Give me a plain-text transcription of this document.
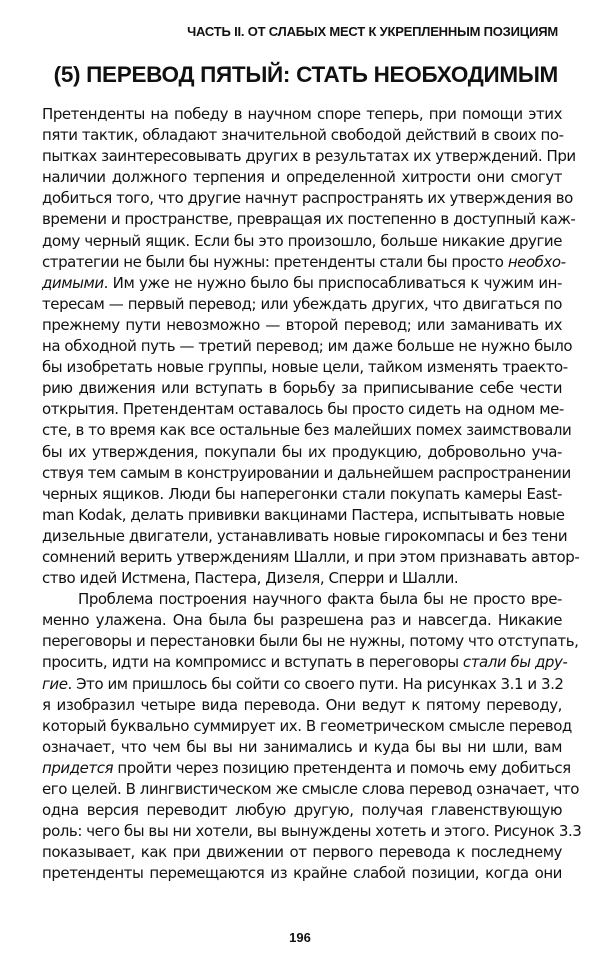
ЧАСТЬ II. ОТ СЛАБЫХ МЕСТ К УКРЕПЛЕННЫМ ПОЗИЦИЯМ
(5) ПЕРЕВОД ПЯТЫЙ: СТАТЬ НЕОБХОДИМЫМ
Претенденты на победу в научном споре теперь, при помощи этих
пяти тактик, обладают значительной свободой действий в своих по-
пытках заинтересовывать других в результатах их утверждений. При
наличии должного терпения и определенной хитрости они смогут
добиться того, что другие начнут распространять их утверждения во
времени и пространстве, превращая их постепенно в доступный каж-
дому черный ящик. Если бы это произошло, больше никакие другие
стратегии не были бы нужны: претенденты стали бы просто необхо-
димыми. Им уже не нужно было бы приспосабливаться к чужим ин-
тересам — первый перевод; или убеждать других, что двигаться по
прежнему пути невозможно — второй перевод; или заманивать их
на обходной путь — третий перевод; им даже больше не нужно было
бы изобретать новые группы, новые цели, тайком изменять траекто-
рию движения или вступать в борьбу за приписывание себе чести
открытия. Претендентам оставалось бы просто сидеть на одном ме-
сте, в то время как все остальные без малейших помех заимствовали
бы их утверждения, покупали бы их продукцию, добровольно уча-
ствуя тем самым в конструировании и дальнейшем распространении
черных ящиков. Люди бы наперегонки стали покупать камеры East-
man Kodak, делать прививки вакцинами Пастера, испытывать новые
дизельные двигатели, устанавливать новые гирокомпасы и без тени
сомнений верить утверждениям Шалли, и при этом признавать автор-
ство идей Истмена, Пастера, Дизеля, Сперри и Шалли.
Проблема построения научного факта была бы не просто вре-
менно улажена. Она была бы разрешена раз и навсегда. Никакие
переговоры и перестановки были бы не нужны, потому что отступать,
просить, идти на компромисс и вступать в переговоры стали бы дру-
гие. Это им пришлось бы сойти со своего пути. На рисунках 3.1 и 3.2
я изобразил четыре вида перевода. Они ведут к пятому переводу,
который буквально суммирует их. В геометрическом смысле перевод
означает, что чем бы вы ни занимались и куда бы вы ни шли, вам
придется пройти через позицию претендента и помочь ему добиться
его целей. В лингвистическом же смысле слова перевод означает, что
одна версия переводит любую другую, получая главенствующую
роль: чего бы вы ни хотели, вы вынуждены хотеть и этого. Рисунок 3.3
показывает, как при движении от первого перевода к последнему
претенденты перемещаются из крайне слабой позиции, когда они
196
